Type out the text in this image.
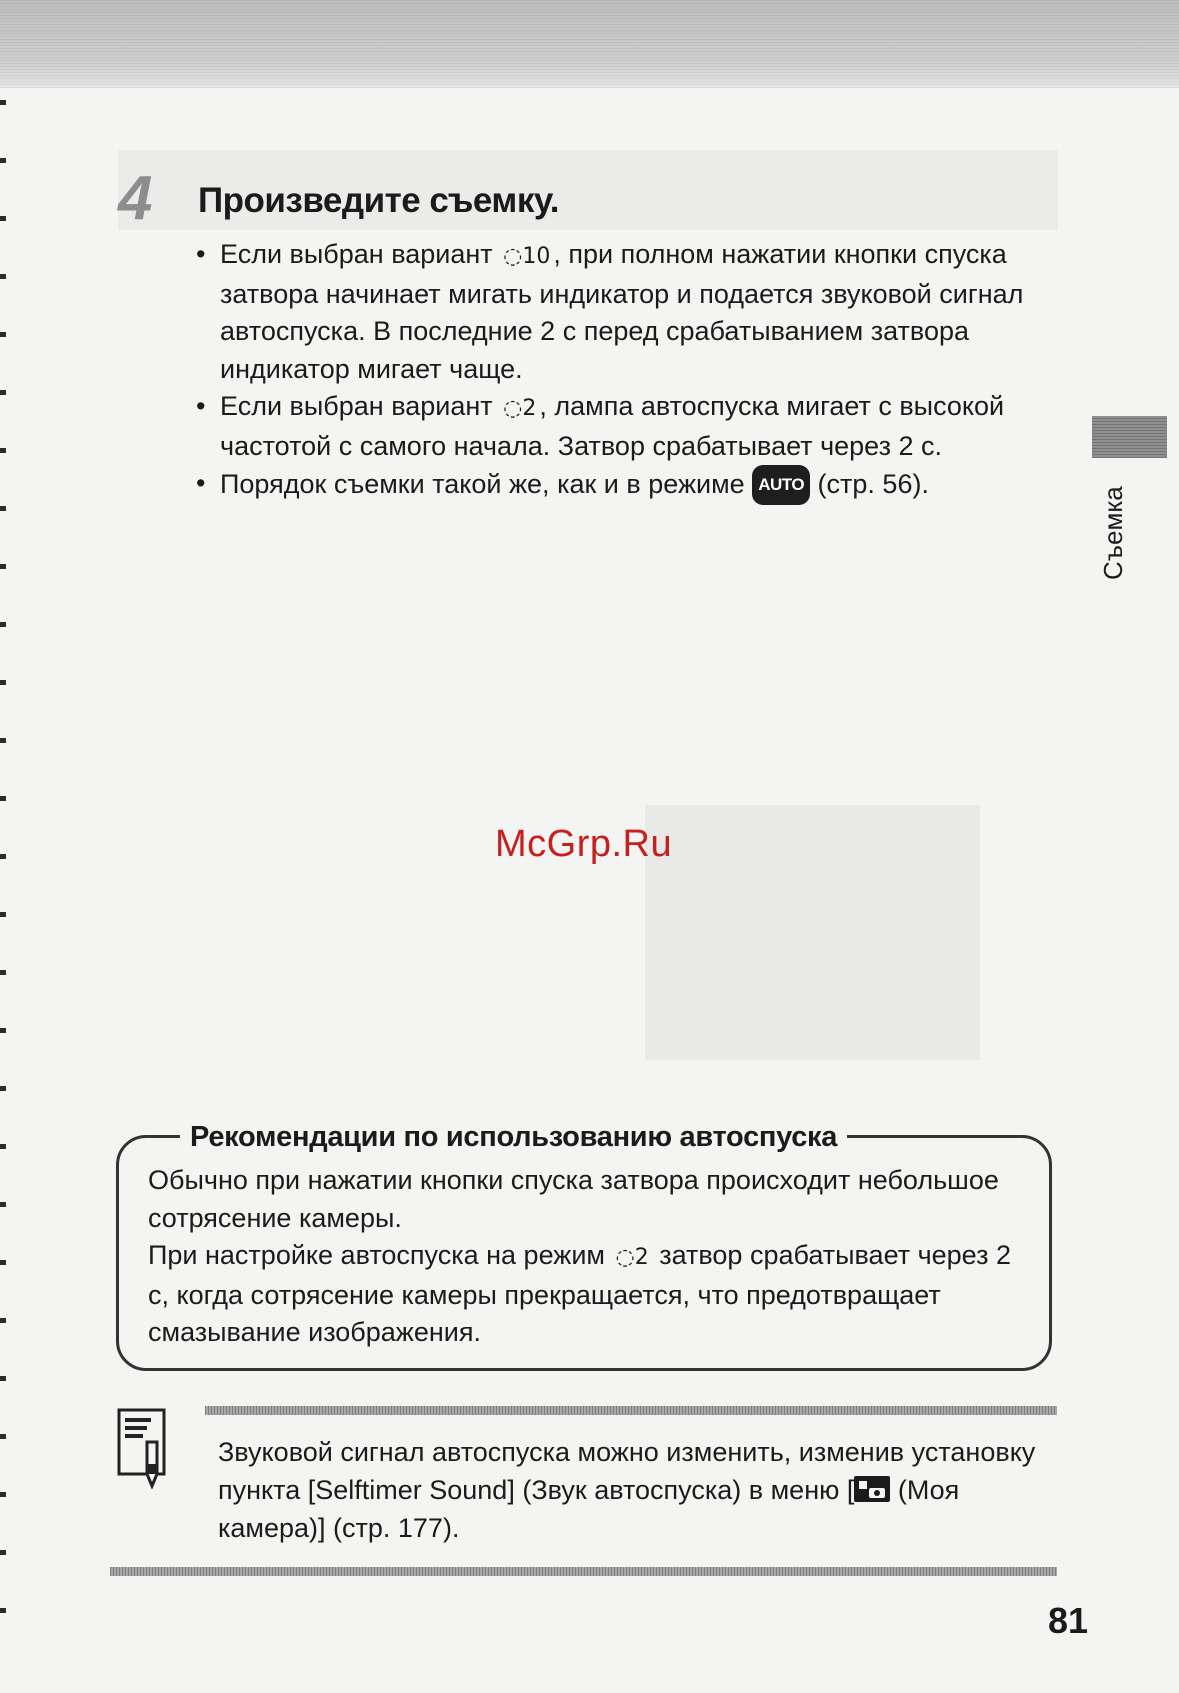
4 Произведите съемку.
• Если выбран вариант ◌10 , при полном нажатии кнопки спуска затвора начинает мигать индикатор и подается звуковой сигнал автоспуска. В последние 2 с перед срабатыванием затвора индикатор мигает чаще.
• Если выбран вариант ◌2 , лампа автоспуска мигает с высокой частотой с самого начала. Затвор срабатывает через 2 с.
• Порядок съемки такой же, как и в режиме AUTO (стр. 56).
Съемка
McGrp.Ru
Рекомендации по использованию автоспуска

Обычно при нажатии кнопки спуска затвора происходит небольшое сотрясение камеры.

При настройке автоспуска на режим ◌2 затвор срабатывает через 2 с, когда сотрясение камеры прекращается, что предотвращает смазывание изображения.

Звуковой сигнал автоспуска можно изменить, изменив установку пункта [Selftimer Sound] (Звук автоспуска) в меню [ (Моя камера)] (стр. 177).
81
